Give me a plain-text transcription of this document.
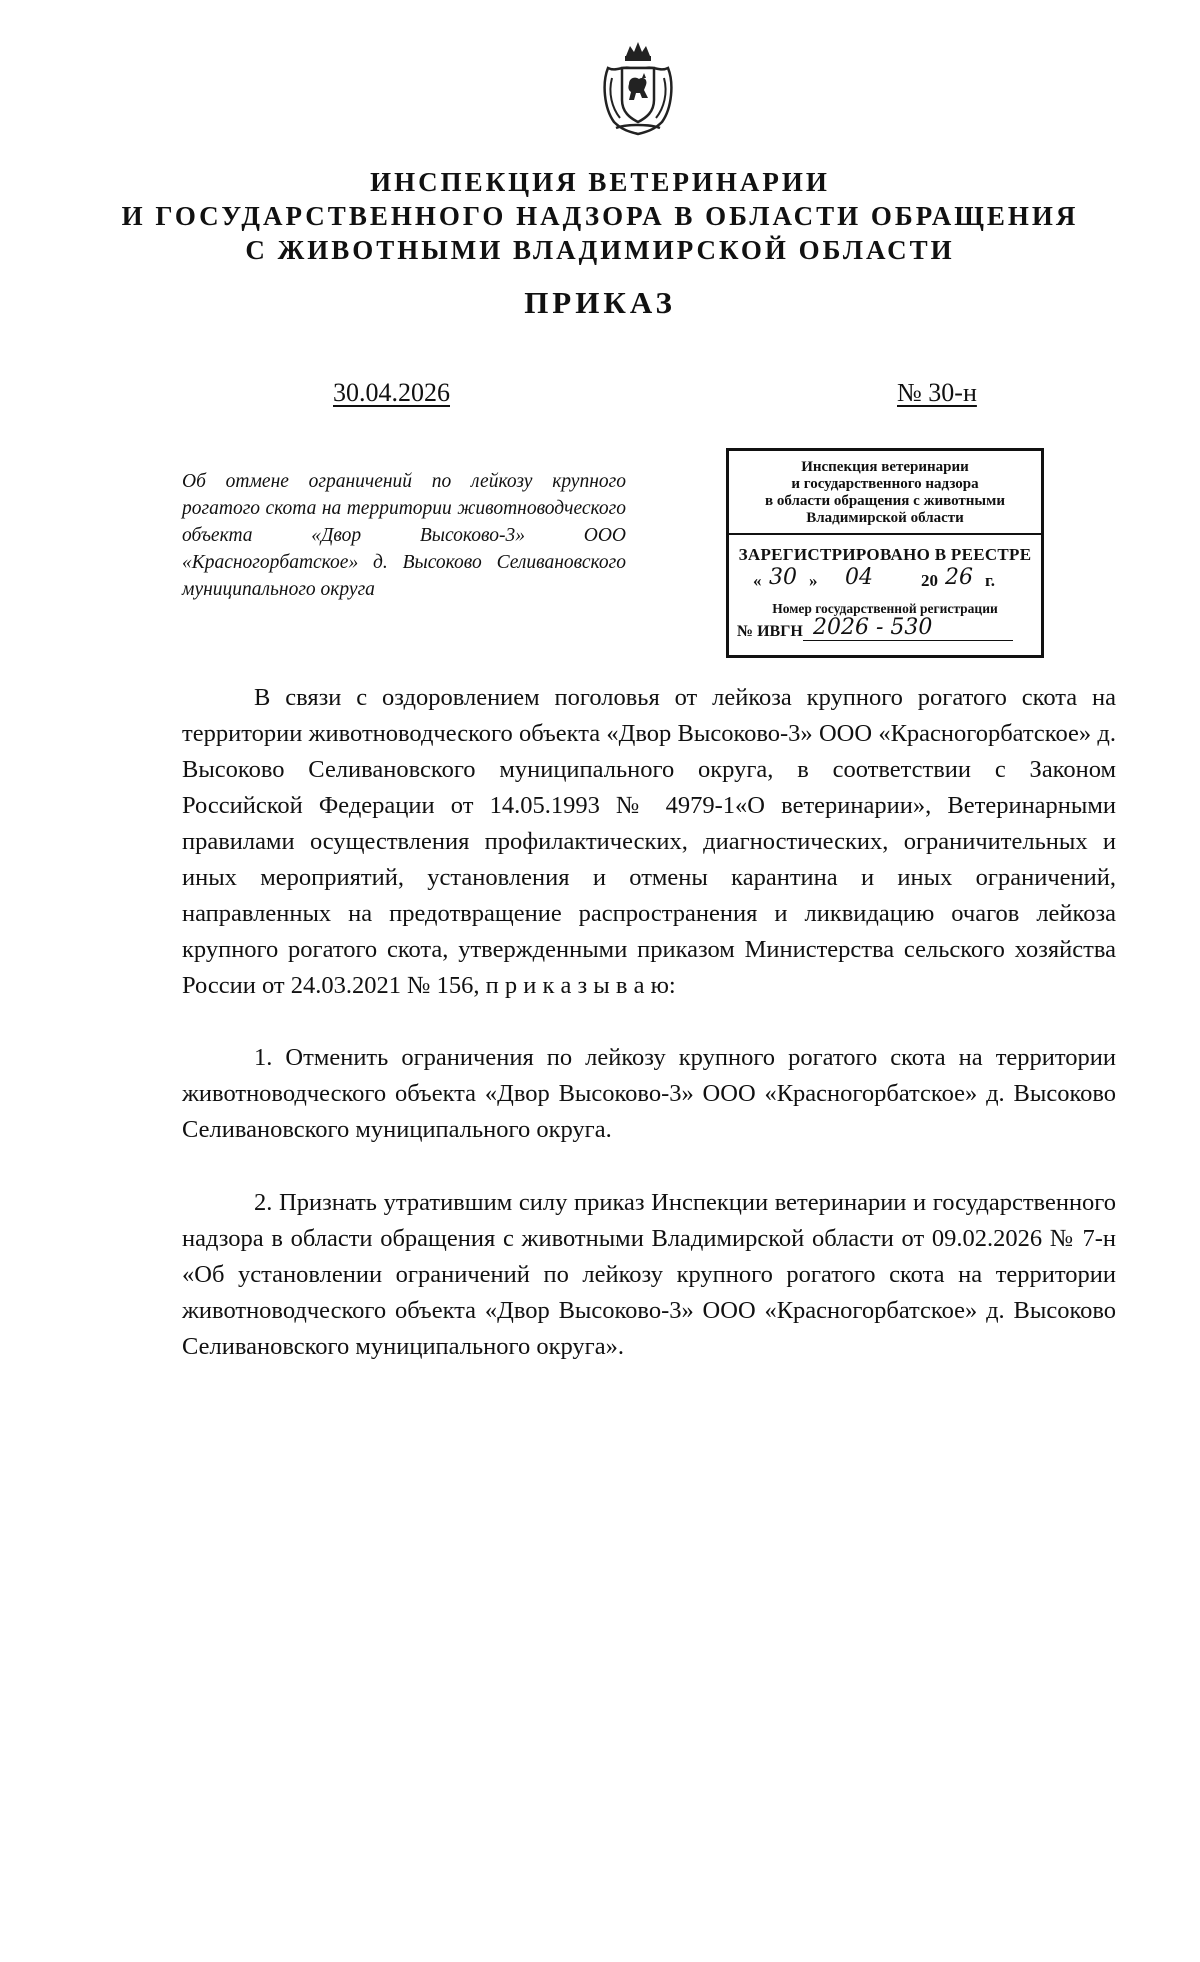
ИНСПЕКЦИЯ ВЕТЕРИНАРИИ
И ГОСУДАРСТВЕННОГО НАДЗОРА В ОБЛАСТИ ОБРАЩЕНИЯ
С ЖИВОТНЫМИ ВЛАДИМИРСКОЙ ОБЛАСТИ
ПРИКАЗ
30.04.2026	№ 30-н
Об отмене ограничений по лейкозу крупного рогатого скота на территории животноводческого объекта «Двор Высоково-3» ООО «Красногорбатское» д. Высоково Селивановского муниципального округа
Инспекция ветеринарии
и государственного надзора
в области обращения с животными
Владимирской области
ЗАРЕГИСТРИРОВАНО В РЕЕСТРЕ
« 30 » 04	20 26 г.
Номер государственной регистрации
№ ИВГН 2026 - 530

В связи с оздоровлением поголовья от лейкоза крупного рогатого скота на территории животноводческого объекта «Двор Высоково-3» ООО «Красногорбатское» д. Высоково Селивановского муниципального округа, в соответствии с Законом Российской Федерации от 14.05.1993 № 4979-1«О ветеринарии», Ветеринарными правилами осуществления профилактических, диагностических, ограничительных и иных мероприятий, установления и отмены карантина и иных ограничений, направленных на предотвращение распространения и ликвидацию очагов лейкоза крупного рогатого скота, утвержденными приказом Министерства сельского хозяйства России от 24.03.2021 № 156, п р и к а з ы в а ю:

1. Отменить ограничения по лейкозу крупного рогатого скота на территории животноводческого объекта «Двор Высоково-3» ООО «Красногорбатское» д. Высоково Селивановского муниципального округа.

2. Признать утратившим силу приказ Инспекции ветеринарии и государственного надзора в области обращения с животными Владимирской области от 09.02.2026 № 7-н «Об установлении ограничений по лейкозу крупного рогатого скота на территории животноводческого объекта «Двор Высоково-3» ООО «Красногорбатское» д. Высоково Селивановского муниципального округа».
